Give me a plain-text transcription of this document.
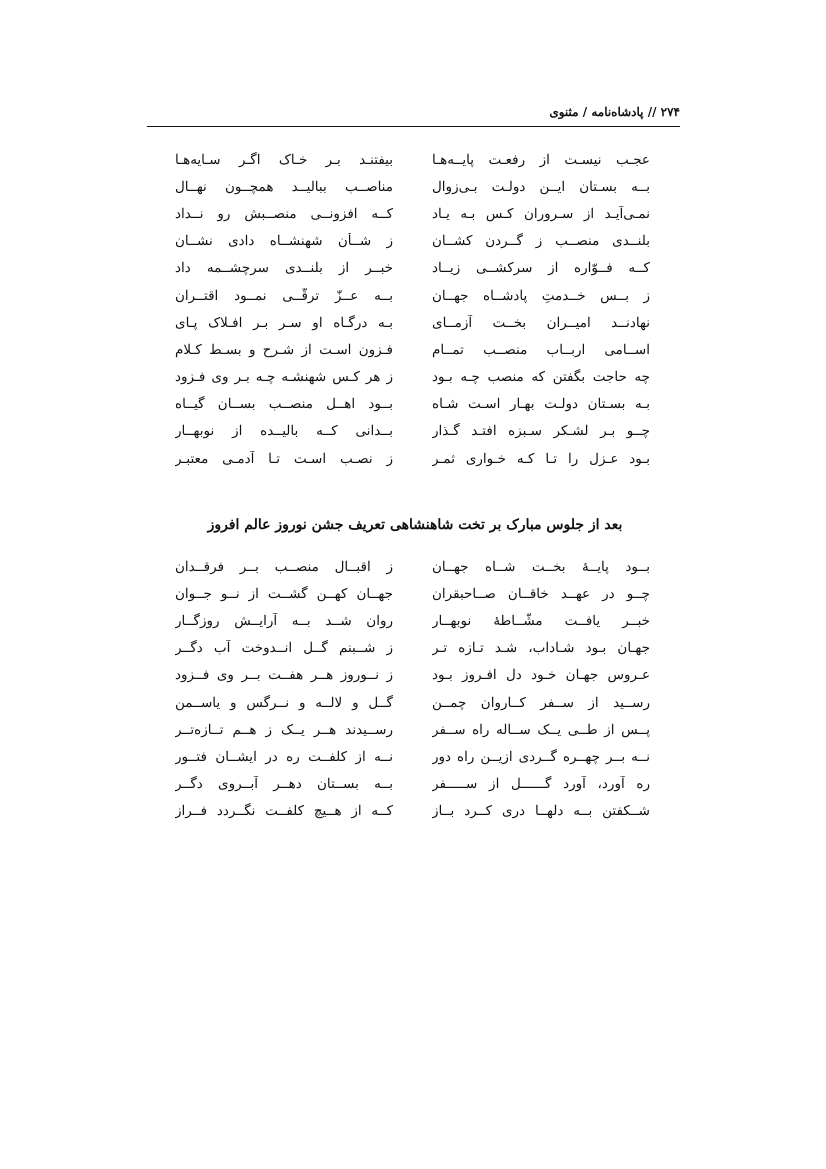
۲۷۴ // پادشاه‌نامه / مثنوی
عجـب نیسـت از رفعـت پایــه‌هـا
بیفتنـد بـر خـاک اگـر سـایه‌هـا
بــه بسـتان ایــن دولـت بـی‌زوال
مناصــب ببالیــد همچــون نهــال
نمـی‌آیـد از سـروران کـس بـه یـاد
کــه افزونــی منصــبش رو نــداد
بلنــدی منصــب ز گــردن کشــان
ز شــأن شهنشــاه دادی نشــان
کــه فــوّاره از سرکشــی زیــاد
خبــر از بلنــدی سرچشــمه داد
ز بــس خــدمتِ پادشــاه جهــان
بــه عــزّ ترقّــی نمــود اقتــران
نهادنــد امیــران بخــت آزمــای
بـه درگـاه او سـر بـر افـلاک پـای
اســامی اربــاب منصــب تمــام
فـزون اسـت از شـرح و بسـط کـلام
چه حاجت بگفتن که منصب چـه بـود
ز هر کـس شهنشـه چـه بـر وی فـزود
بـه بسـتان دولـت بهـار اسـت شـاه
بــود اهــل منصــب بســان گیــاه
چــو بـر لشـکر سـبزه افتـد گـذار
بــدانی کــه بالیــده از نوبهــار
بـود عـزل را تـا کـه خـواری ثمـر
ز نصـب اسـت تـا آدمـی معتبـر
بعد از جلوس مبارک بر تخت شاهنشاهی تعریف جشن نوروز عالم افروز
بــود پایــهٔ بخــت شــاه جهــان
ز اقبــال منصــب بــر فرقــدان
چــو در عهــد خاقــان صــاحبقران
جهــان کهــن گشــت از نــو جــوان
خبــر یافــت مشّــاطهٔ نوبهــار
روان شــد بــه آرایــش روزگــار
جهـان بـود شـاداب، شـد تـازه تـر
ز شــبنم گــل انــدوخت آب دگــر
عـروس جهـان خـود دل افـروز بـود
ز نــوروز هــر هفــت بــر وی فــزود
رســید از ســفر کــاروان چمــن
گــل و لالــه و نــرگس و یاســمن
پــس از طــی یــک ســاله راه ســفر
رســیدند هــر یــک ز هــم تــازه‌تــر
نــه بــر چهــره گــردی ازیــن راه دور
نــه از کلفــت ره در ایشــان فتــور
ره آورد، آورد گــــــل از ســـــفر
بــه بســتان دهــر آبــروی دگــر
شــکفتن بــه دلهــا دری کــرد بــاز
کــه از هــیچ کلفــت نگــردد فــراز
